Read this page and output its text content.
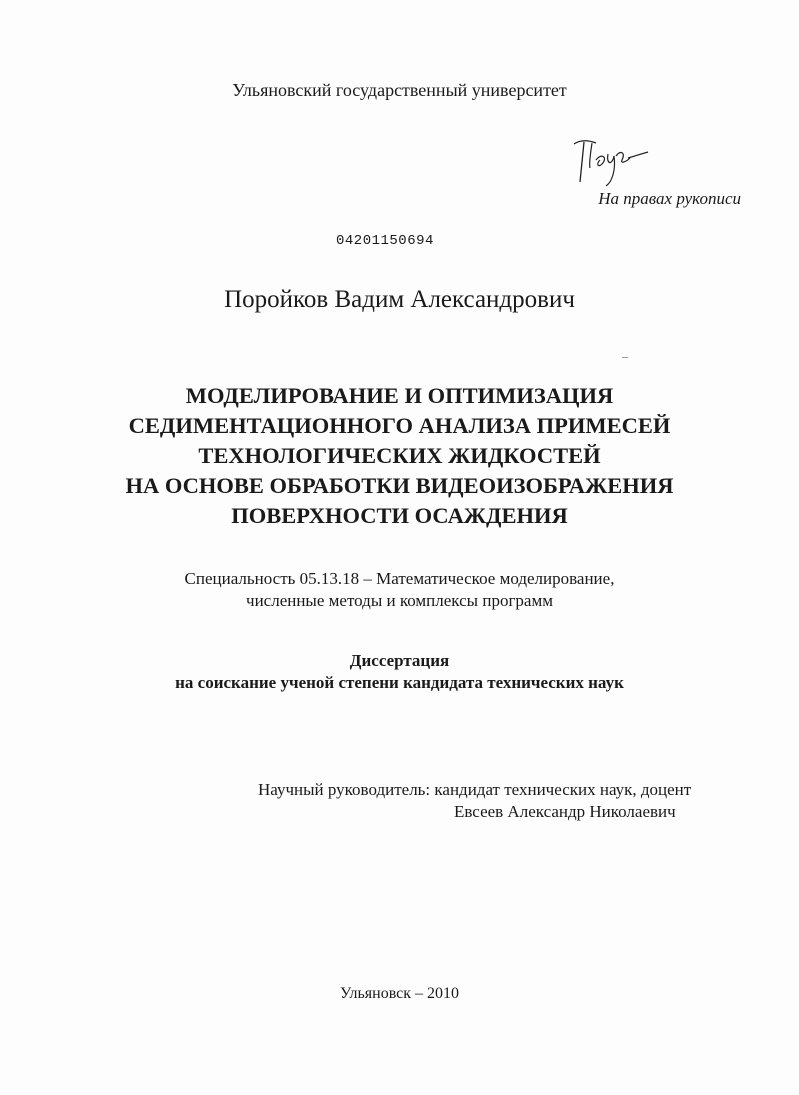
Ульяновский государственный университет
На правах рукописи
04201150694
Поройков Вадим Александрович
МОДЕЛИРОВАНИЕ И ОПТИМИЗАЦИЯ
СЕДИМЕНТАЦИОННОГО АНАЛИЗА ПРИМЕСЕЙ
ТЕХНОЛОГИЧЕСКИХ ЖИДКОСТЕЙ
НА ОСНОВЕ ОБРАБОТКИ ВИДЕОИЗОБРАЖЕНИЯ
ПОВЕРХНОСТИ ОСАЖДЕНИЯ
Специальность 05.13.18 – Математическое моделирование,
численные методы и комплексы программ
Диссертация
на соискание ученой степени кандидата технических наук
Научный руководитель: кандидат технических наук, доцент
Евсеев Александр Николаевич
Ульяновск – 2010
